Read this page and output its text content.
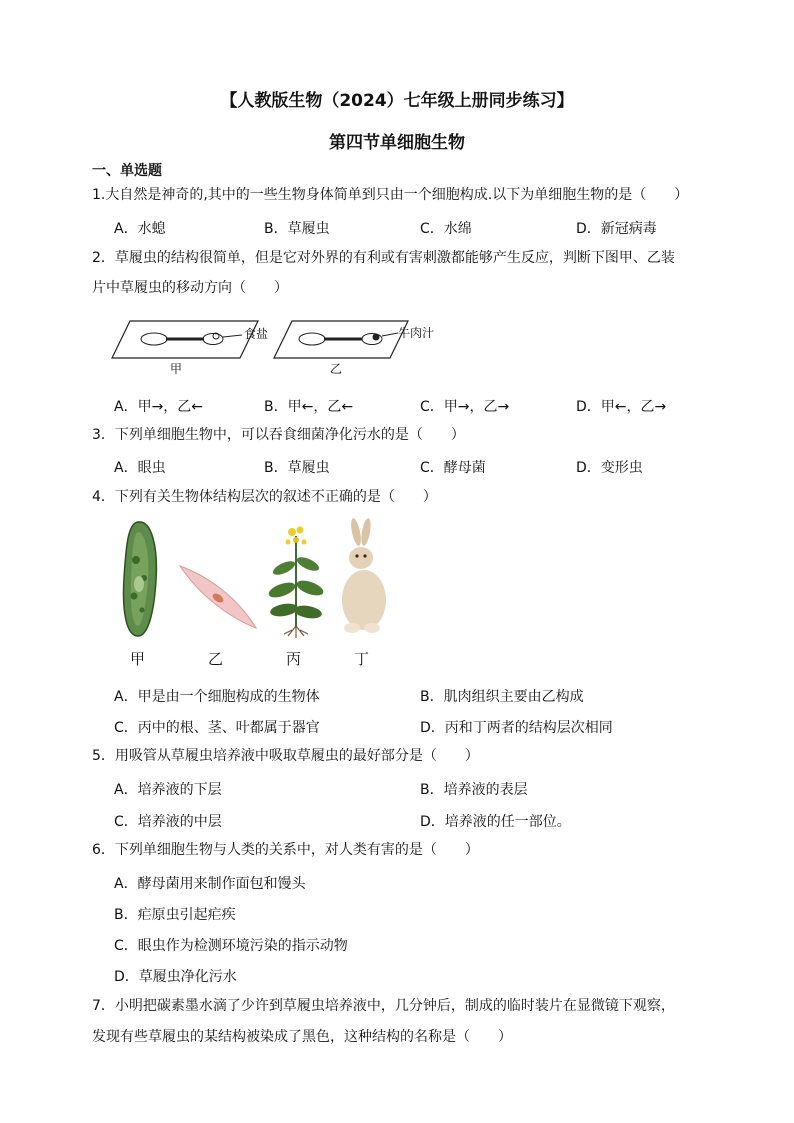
【人教版生物（2024）七年级上册同步练习】
第四节单细胞生物
一、单选题
1.大自然是神奇的,其中的一些生物身体简单到只由一个细胞构成.以下为单细胞生物的是（　　）
A．水螅	B．草履虫	C．水绵	D．新冠病毒
2．草履虫的结构很简单，但是它对外界的有利或有害刺激都能够产生反应，判断下图甲、乙装
片中草履虫的移动方向（　　）
食盐
甲
牛肉汁
乙
A．甲→，乙←	B．甲←，乙←	C．甲→，乙→	D．甲←，乙→
3．下列单细胞生物中，可以吞食细菌净化污水的是（　　）
A．眼虫	B．草履虫	C．酵母菌	D．变形虫
4．下列有关生物体结构层次的叙述不正确的是（　　）
甲	乙	丙	丁
A．甲是由一个细胞构成的生物体	B．肌肉组织主要由乙构成
C．丙中的根、茎、叶都属于器官	D．丙和丁两者的结构层次相同
5．用吸管从草履虫培养液中吸取草履虫的最好部分是（　　）
A．培养液的下层	B．培养液的表层
C．培养液的中层	D．培养液的任一部位。
6．下列单细胞生物与人类的关系中，对人类有害的是（　　）
A．酵母菌用来制作面包和馒头
B．疟原虫引起疟疾
C．眼虫作为检测环境污染的指示动物
D．草履虫净化污水
7．小明把碳素墨水滴了少许到草履虫培养液中，几分钟后，制成的临时装片在显微镜下观察，
发现有些草履虫的某结构被染成了黑色，这种结构的名称是（　　）
